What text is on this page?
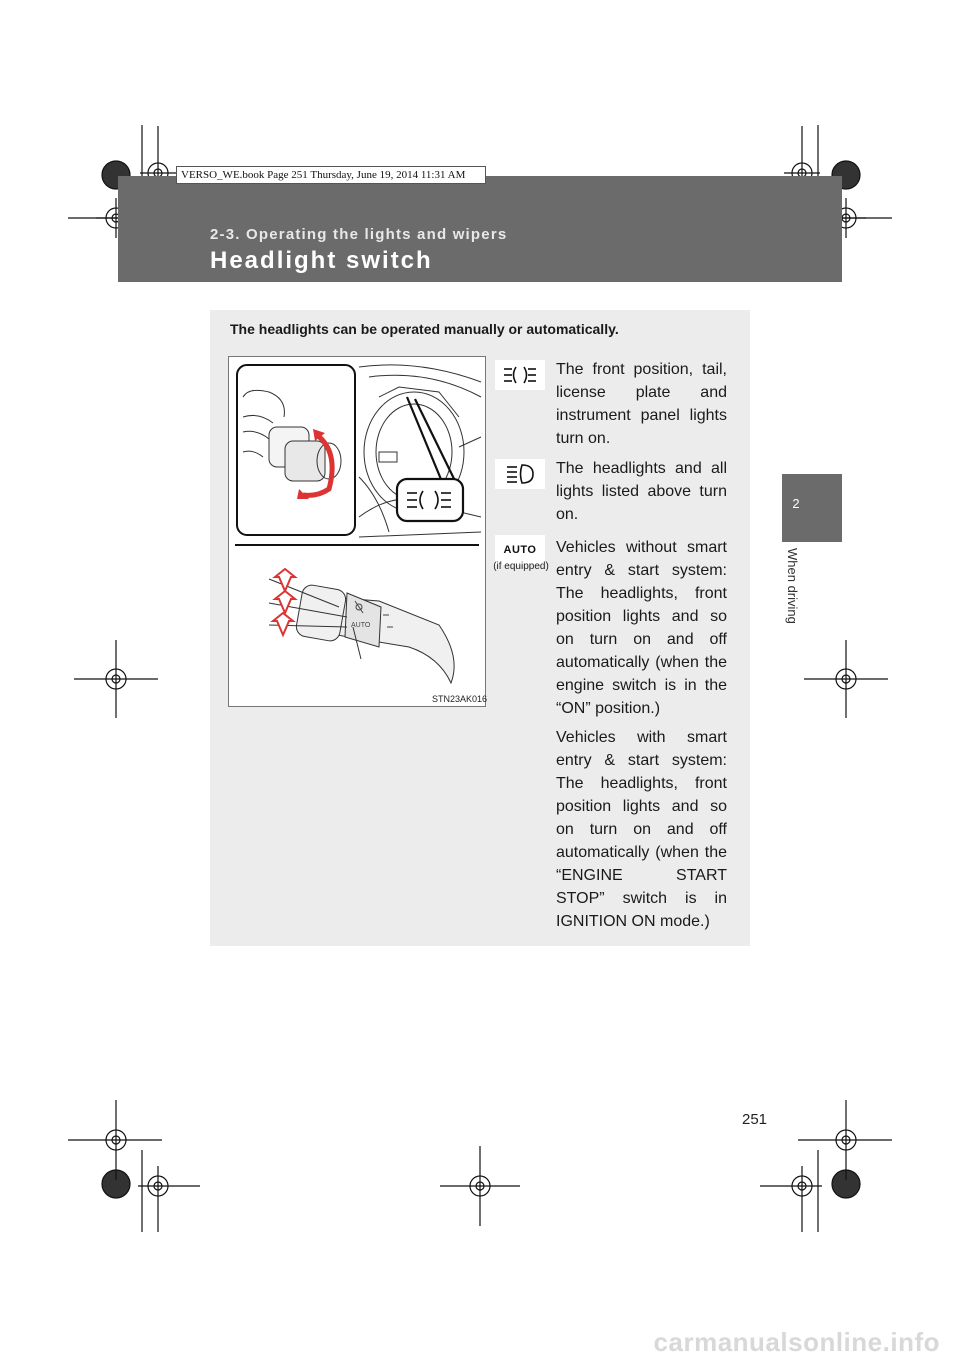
VERSO_WE.book Page 251 Thursday, June 19, 2014 11:31 AM
2-3. Operating the lights and wipers
Headlight switch
2
When driving
The headlights can be operated manually or automatically.
AUTO
STN23AK016
The front position, tail, license plate and instrument panel lights turn on.
The headlights and all lights listed above turn on.
AUTO
(if equipped)
Vehicles without smart entry & start system: The headlights, front position lights and so on turn on and off automatically (when the engine switch is in the “ON” position.)
Vehicles with smart entry & start system: The headlights, front position lights and so on turn on and off automatically (when the “ENGINE START STOP” switch is in IGNITION ON mode.)
251
carmanualsonline.info
